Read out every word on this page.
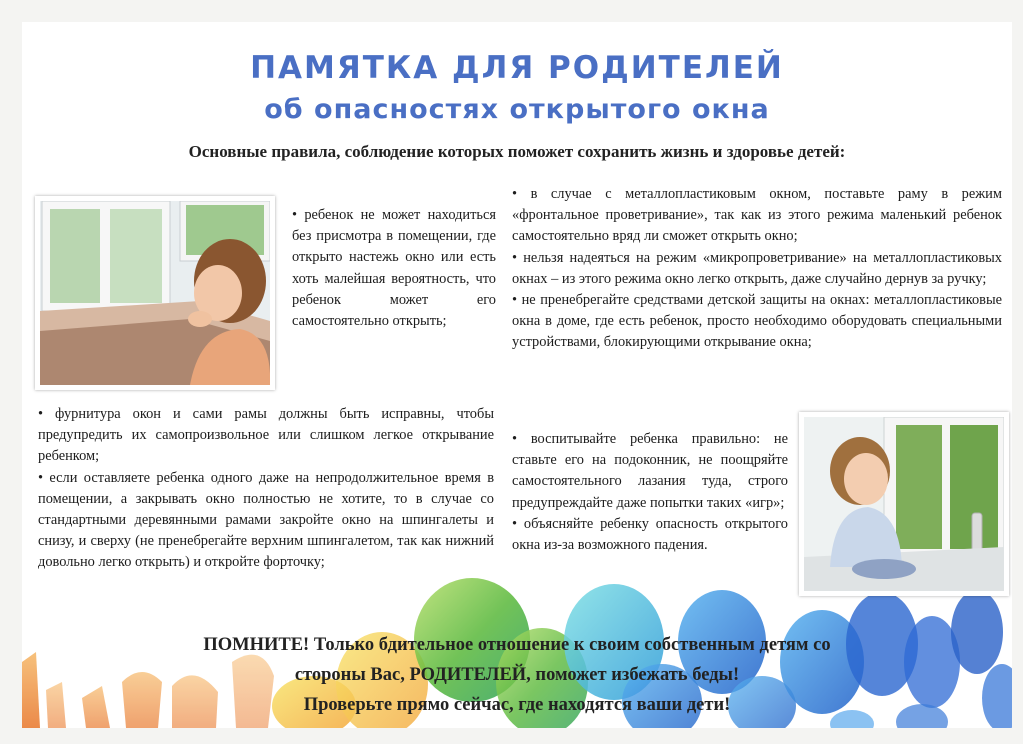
ПАМЯТКА ДЛЯ РОДИТЕЛЕЙ
об опасностях открытого окна
Основные правила, соблюдение которых поможет сохранить жизнь и здоровье детей:

• ребенок не может находиться без присмотра в помещении, где открыто настежь окно или есть хоть малейшая вероятность, что ребенок может его самостоятельно открыть;

• фурнитура окон и сами рамы должны быть исправны, чтобы предупредить их самопроизвольное или слишком легкое открывание ребенком;

• если оставляете ребенка одного даже на непродолжительное время в помещении, а закрывать окно полностью не хотите, то в случае со стандартными деревянными рамами закройте окно на шпингалеты и снизу, и сверху (не пренебрегайте верхним шпингалетом, так как нижний довольно легко открыть) и откройте форточку;

• в случае с металлопластиковым окном, поставьте раму в режим «фронтальное проветривание», так как из этого режима маленький ребенок самостоятельно вряд ли сможет открыть окно;

• нельзя надеяться на режим «микропроветривание» на металлопластиковых окнах – из этого режима окно легко открыть, даже случайно дернув за ручку;

• не пренебрегайте средствами детской защиты на окнах: металлопластиковые окна в доме, где есть ребенок, просто необходимо оборудовать специальными устройствами, блокирующими открывание окна;

• воспитывайте ребенка правильно: не ставьте его на подоконник, не поощряйте самостоятельного лазания туда, строго предупреждайте даже попытки таких «игр»;

• объясняйте ребенку опасность открытого окна из-за возможного падения.

ПОМНИТЕ! Только бдительное отношение к своим собственным детям со
стороны Вас, РОДИТЕЛЕЙ, поможет избежать беды!
Проверьте прямо сейчас, где находятся ваши дети!
